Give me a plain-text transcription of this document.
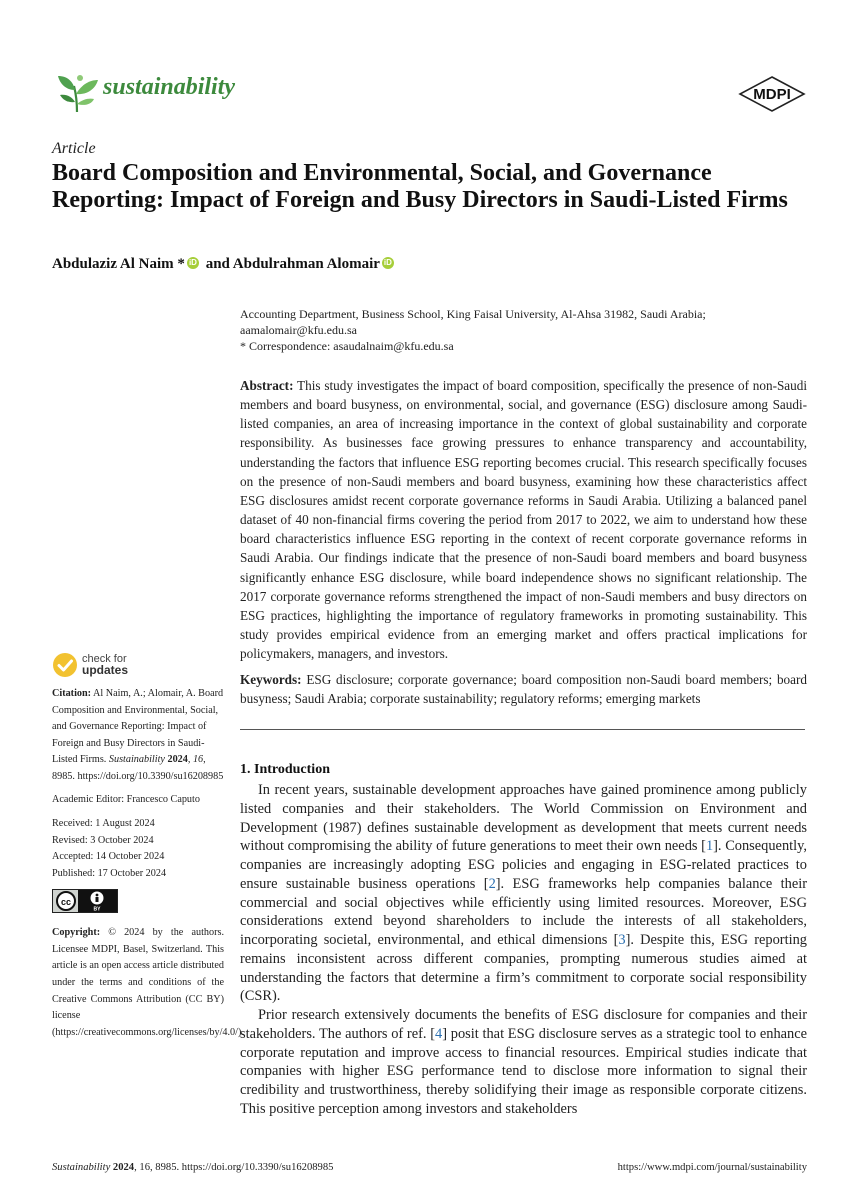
sustainability	MDPI
Article
Board Composition and Environmental, Social, and Governance Reporting: Impact of Foreign and Busy Directors in Saudi-Listed Firms
Abdulaziz Al Naim * iD and Abdulrahman Alomair iD
Accounting Department, Business School, King Faisal University, Al-Ahsa 31982, Saudi Arabia;
aamalomair@kfu.edu.sa
* Correspondence: asaudalnaim@kfu.edu.sa
Abstract: This study investigates the impact of board composition, specifically the presence of non-Saudi members and board busyness, on environmental, social, and governance (ESG) disclosure among Saudi-listed companies, an area of increasing importance in the context of global sustainability and corporate responsibility. As businesses face growing pressures to enhance transparency and accountability, understanding the factors that influence ESG reporting becomes crucial. This research specifically focuses on the presence of non-Saudi members and board busyness, examining how these characteristics affect ESG disclosures amidst recent corporate governance reforms in Saudi Arabia. Utilizing a balanced panel dataset of 40 non-financial firms covering the period from 2017 to 2022, we aim to understand how these board characteristics influence ESG reporting in the context of recent corporate governance reforms in Saudi Arabia. Our findings indicate that the presence of non-Saudi board members and board busyness significantly enhance ESG disclosure, while board independence shows no significant relationship. The 2017 corporate governance reforms strengthened the impact of non-Saudi members and busy directors on ESG practices, highlighting the importance of regulatory frameworks in promoting sustainability. This study provides empirical evidence from an emerging market and offers practical implications for policymakers, managers, and investors.
Keywords: ESG disclosure; corporate governance; board composition non-Saudi board members; board busyness; Saudi Arabia; corporate sustainability; regulatory reforms; emerging markets
1. Introduction

In recent years, sustainable development approaches have gained prominence among publicly listed companies and their stakeholders. The World Commission on Environment and Development (1987) defines sustainable development as development that meets current needs without compromising the ability of future generations to meet their own needs [1]. Consequently, companies are increasingly adopting ESG policies and engaging in ESG-related practices to ensure sustainable business operations [2]. ESG frameworks help companies balance their commercial and social objectives while efficiently using limited resources. Moreover, ESG considerations extend beyond shareholders to include the interests of all stakeholders, incorporating societal, environmental, and ethical dimensions [3]. Despite this, ESG reporting remains inconsistent across different companies, prompting numerous studies aimed at understanding the factors that determine a firm’s commitment to corporate social responsibility (CSR).

Prior research extensively documents the benefits of ESG disclosure for companies and their stakeholders. The authors of ref. [4] posit that ESG disclosure serves as a strategic tool to enhance corporate reputation and improve access to financial resources. Empirical studies indicate that companies with higher ESG performance tend to disclose more information to signal their credibility and trustworthiness, thereby solidifying their image as responsible corporate citizens. This positive perception among investors and stakeholders

check for
updates

Citation: Al Naim, A.; Alomair, A. Board Composition and Environmental, Social, and Governance Reporting: Impact of Foreign and Busy Directors in Saudi-Listed Firms. Sustainability 2024, 16, 8985. https://doi.org/10.3390/su16208985

Academic Editor: Francesco Caputo

Received: 1 August 2024

Revised: 3 October 2024

Accepted: 14 October 2024

Published: 17 October 2024

cc
BY

Copyright: © 2024 by the authors. Licensee MDPI, Basel, Switzerland. This article is an open access article distributed under the terms and conditions of the Creative Commons Attribution (CC BY) license (https://creativecommons.org/licenses/by/4.0/).

Sustainability 2024, 16, 8985. https://doi.org/10.3390/su16208985	https://www.mdpi.com/journal/sustainability
